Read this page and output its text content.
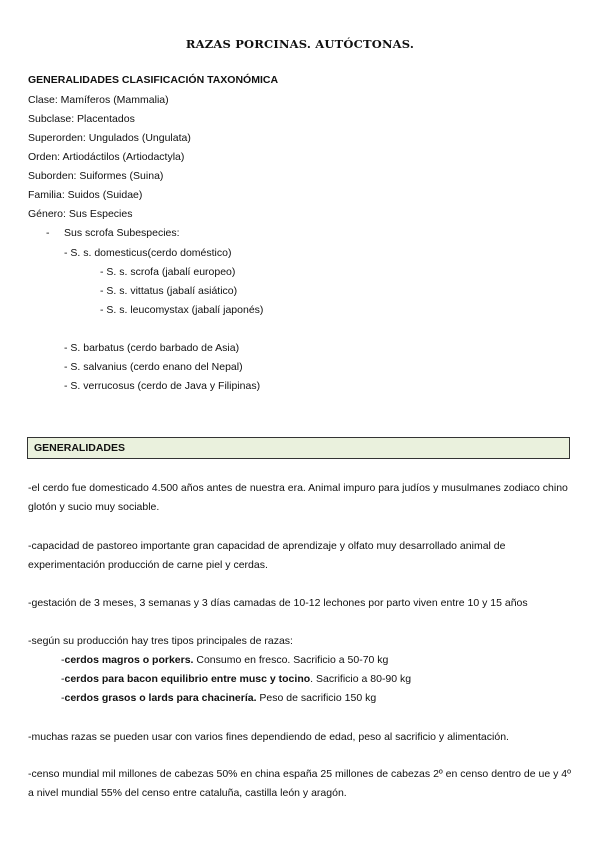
RAZAS PORCINAS. AUTÓCTONAS.
GENERALIDADES CLASIFICACIÓN TAXONÓMICA
Clase: Mamíferos (Mammalia)
Subclase: Placentados
Superorden: Ungulados (Ungulata)
Orden: Artiodáctilos (Artiodactyla)
Suborden: Suiformes (Suina)
Familia: Suidos (Suidae)
Género: Sus Especies
- Sus scrofa Subespecies:
- S. s. domesticus(cerdo doméstico)
- S. s. scrofa (jabalí europeo)
- S. s. vittatus (jabalí asiático)
- S. s. leucomystax (jabalí japonés)
- S. barbatus (cerdo barbado de Asia)
- S. salvanius (cerdo enano del Nepal)
- S. verrucosus (cerdo de Java y Filipinas)
GENERALIDADES
-el cerdo fue domesticado 4.500 años antes de nuestra era. Animal impuro para judíos y musulmanes zodiaco chino glotón y sucio muy sociable.
-capacidad de pastoreo importante gran capacidad de aprendizaje y olfato muy desarrollado animal de experimentación producción de carne piel y cerdas.
-gestación de 3 meses, 3 semanas y 3 días camadas de 10-12 lechones por parto viven entre 10 y 15 años
-según su producción hay tres tipos principales de razas:
-cerdos magros o porkers. Consumo en fresco. Sacrificio a 50-70 kg
-cerdos para bacon equilibrio entre musc y tocino. Sacrificio a 80-90 kg
-cerdos grasos o lards para chacinería. Peso de sacrificio 150 kg
-muchas razas se pueden usar con varios fines dependiendo de edad, peso al sacrificio y alimentación.
-censo mundial mil millones de cabezas 50% en china españa 25 millones de cabezas 2º en censo dentro de ue y 4º a nivel mundial 55% del censo entre cataluña, castilla león y aragón.
